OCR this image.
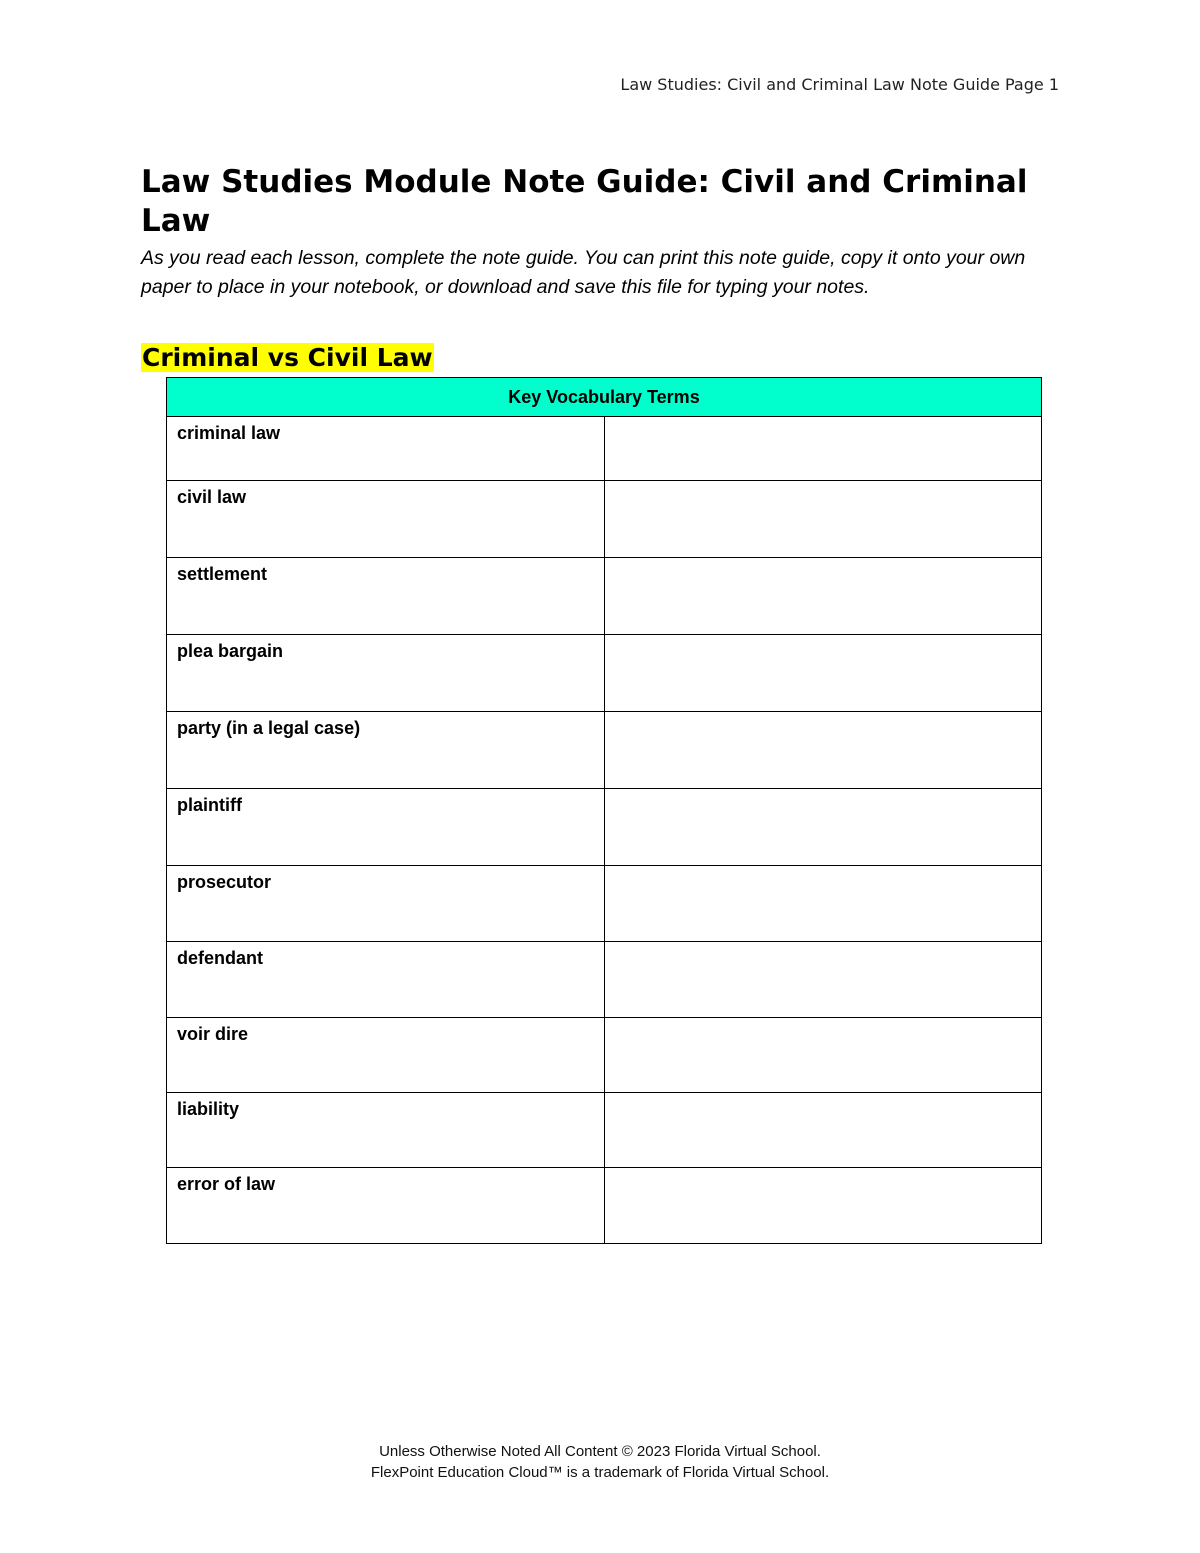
Law Studies: Civil and Criminal Law Note Guide Page 1
Law Studies Module Note Guide: Civil and Criminal Law

As you read each lesson, complete the note guide. You can print this note guide, copy it onto your own paper to place in your notebook, or download and save this file for typing your notes.

Criminal vs Civil Law
Key Vocabulary Terms	
criminal law	
civil law	
settlement	
plea bargain	
party (in a legal case)	
plaintiff	
prosecutor	
defendant	
voir dire	
liability	
error of law	
Unless Otherwise Noted All Content © 2023 Florida Virtual School.
FlexPoint Education Cloud™ is a trademark of Florida Virtual School.
